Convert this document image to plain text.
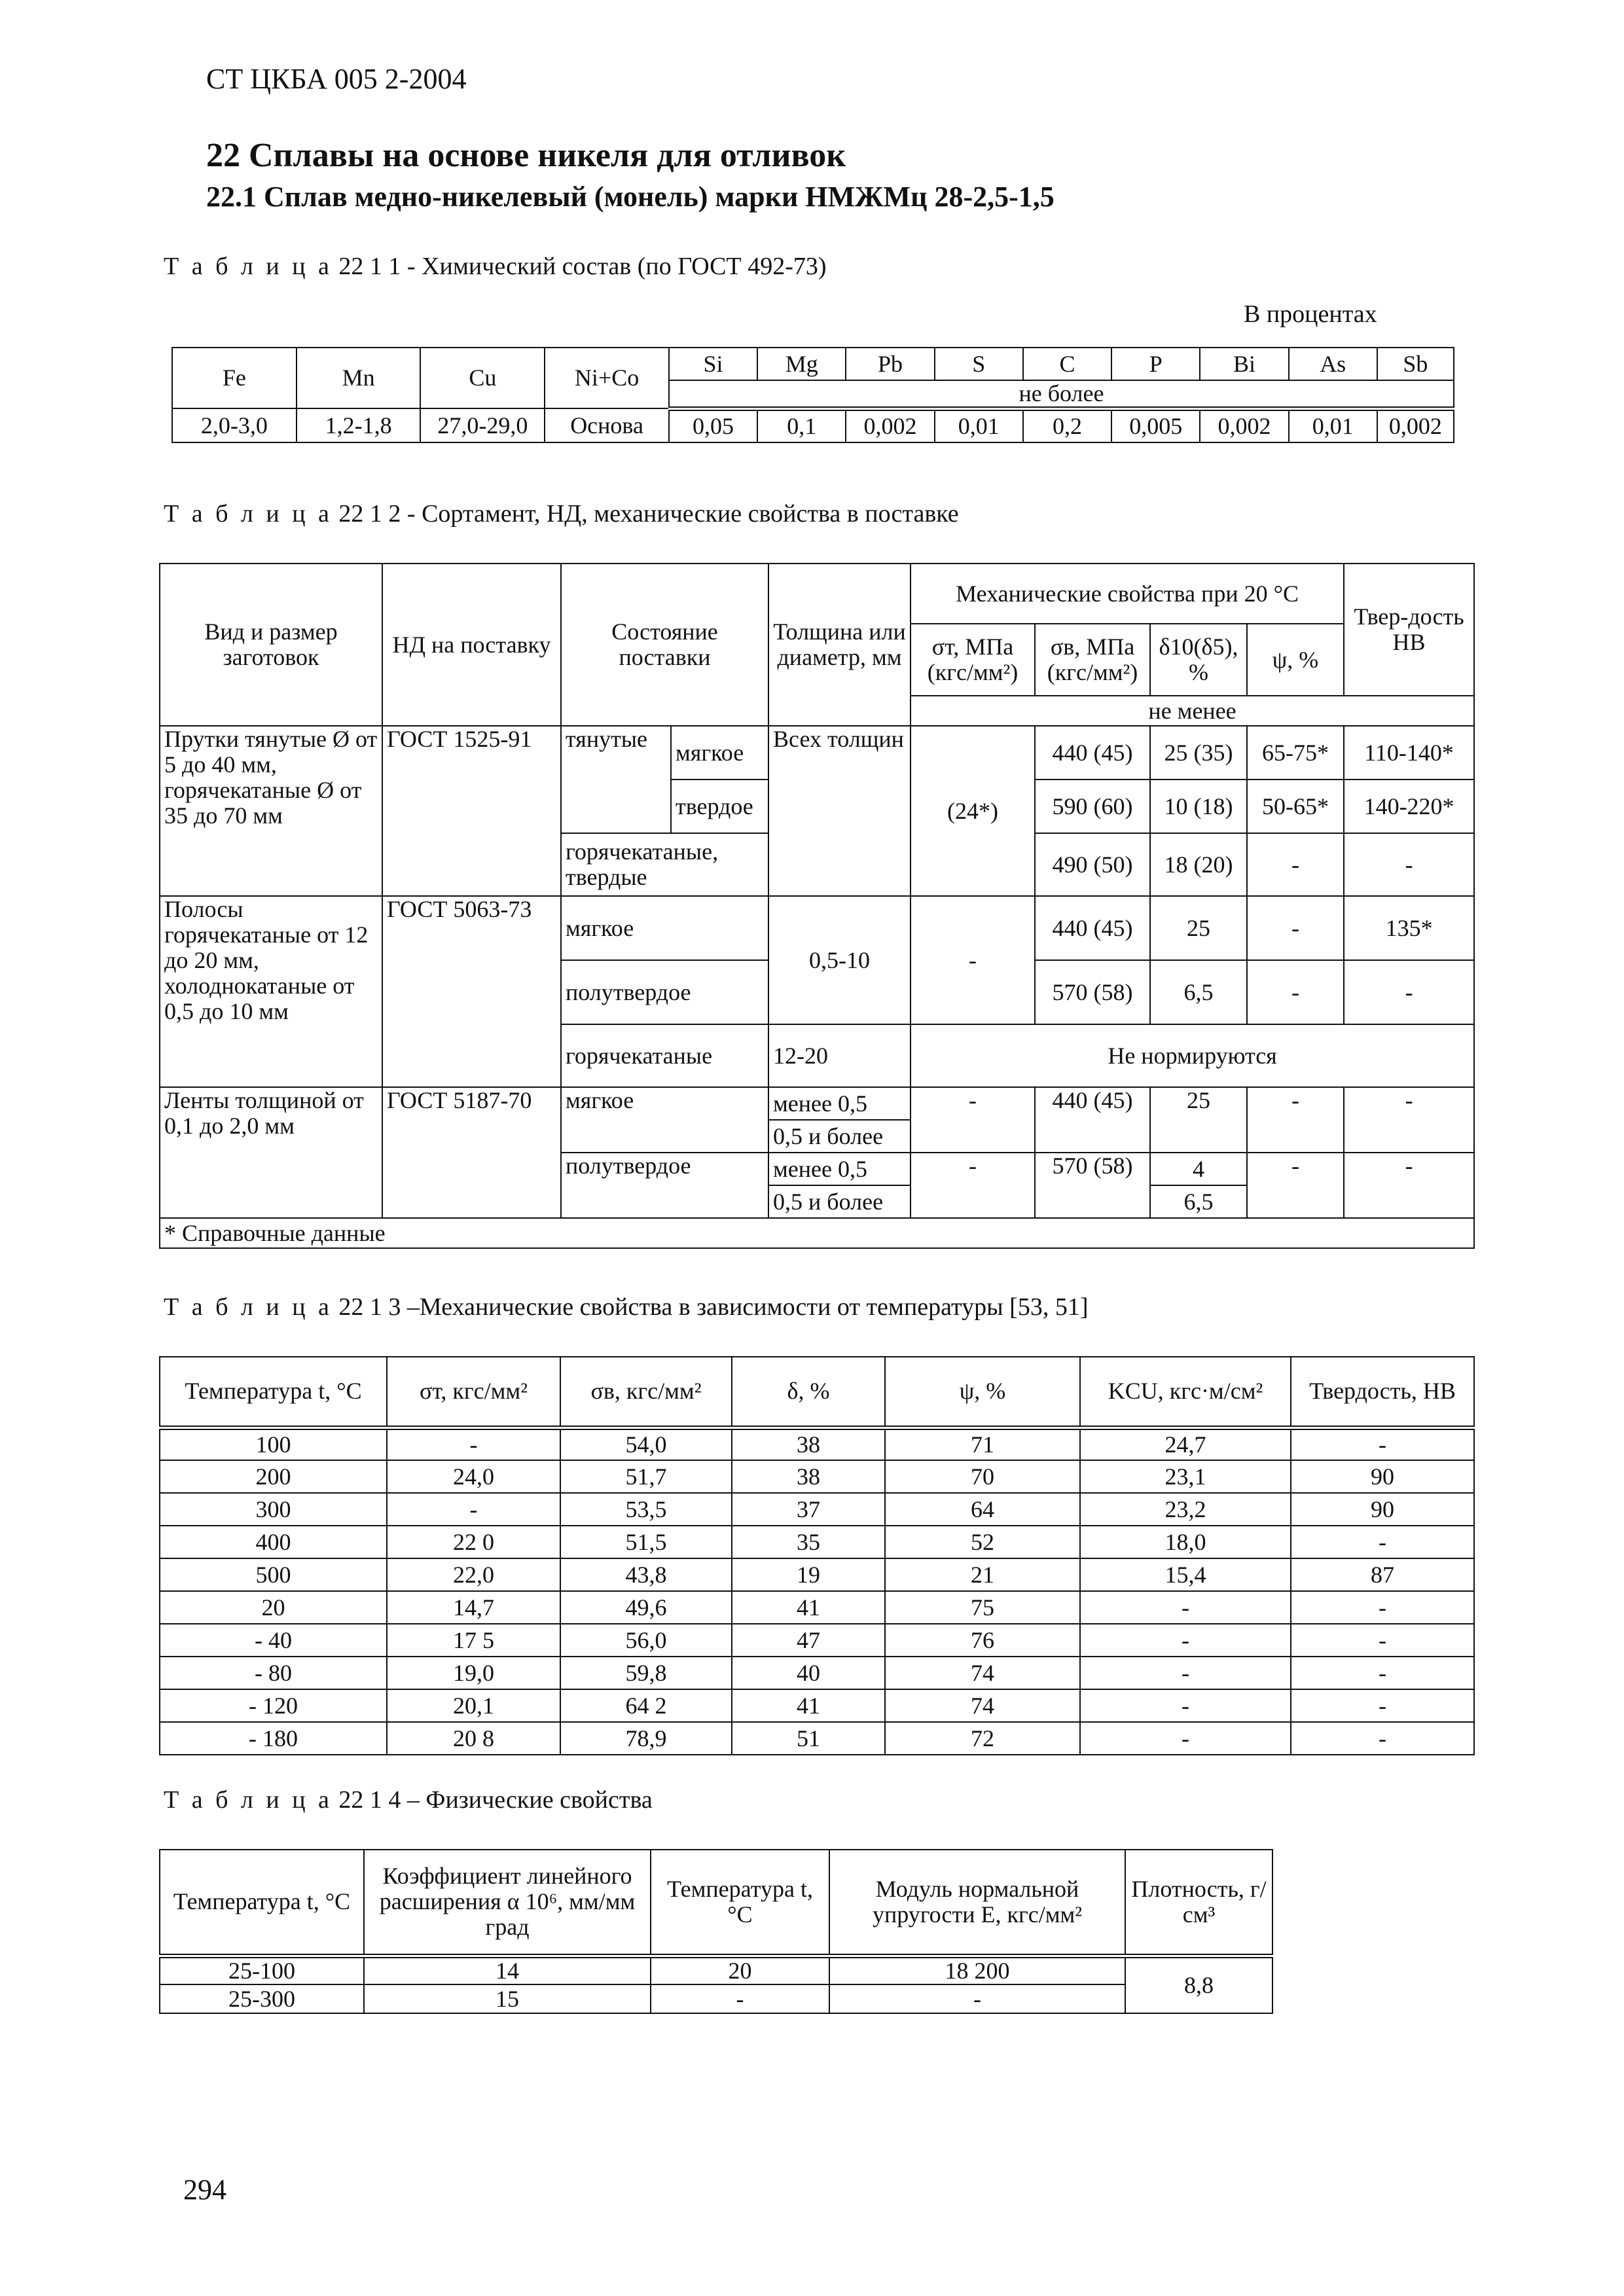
СТ ЦКБА 005 2-2004
22 Сплавы на основе никеля для отливок
22.1 Сплав медно-никелевый (монель) марки НМЖМц 28-2,5-1,5
Т а б л и ц а 22 1 1 - Химический состав (по ГОСТ 492-73)
В процентах
Fe	Mn	Cu	Ni+Co	Si	Mg	Pb	S	C	P	Bi	As	Sb
				не более								
2,0-3,0	1,2-1,8	27,0-29,0	Основа	0,05	0,1	0,002	0,01	0,2	0,005	0,002	0,01	0,002
Т а б л и ц а 22 1 2 - Сортамент, НД, механические свойства в поставке
Вид и размер заготовок	НД на поставку	Состояние поставки		Толщина или диаметр, мм	Механические свойства при 20 °С				Твер-дость НВ
					σт, МПа (кгс/мм²)	σв, МПа (кгс/мм²)	δ10(δ5), %	ψ, %	
					не менее				
Прутки тянутые Ø от 5 до 40 мм, горячекатаные Ø от 35 до 70 мм	ГОСТ 1525-91	тянутые	мягкое	Всех толщин	(24*)	440 (45)	25 (35)	65-75*	110-140*
			твердое			590 (60)	10 (18)	50-65*	140-220*
		горячекатаные, твердые				490 (50)	18 (20)	-	-
Полосы горячекатаные от 12 до 20 мм, холоднокатаные от 0,5 до 10 мм	ГОСТ 5063-73	мягкое		0,5-10	-	440 (45)	25	-	135*
		полутвердое				570 (58)	6,5	-	-
		горячекатаные		12-20	Не нормируются				
Ленты толщиной от 0,1 до 2,0 мм	ГОСТ 5187-70	мягкое		менее 0,5	-	440 (45)	25	-	-
				0,5 и более					
		полутвердое		менее 0,5	-	570 (58)	4	-	-
				0,5 и более			6,5		
* Справочные данные									
Т а б л и ц а 22 1 3 –Механические свойства в зависимости от температуры [53, 51]
Температура t, °С	σт, кгс/мм²	σв, кгс/мм²	δ, %	ψ, %	KCU, кгс·м/см²	Твердость, НВ
100	-	54,0	38	71	24,7	-
200	24,0	51,7	38	70	23,1	90
300	-	53,5	37	64	23,2	90
400	22 0	51,5	35	52	18,0	-
500	22,0	43,8	19	21	15,4	87
20	14,7	49,6	41	75	-	-
- 40	17 5	56,0	47	76	-	-
- 80	19,0	59,8	40	74	-	-
- 120	20,1	64 2	41	74	-	-
- 180	20 8	78,9	51	72	-	-
Т а б л и ц а 22 1 4 – Физические свойства
Температура t, °С	Коэффициент линейного расширения α 10⁶, мм/мм град	Температура t, °С	Модуль нормальной упругости Е, кгс/мм²	Плотность, г/см³
25-100	14	20	18 200	8,8
25-300	15	-	-	
294
